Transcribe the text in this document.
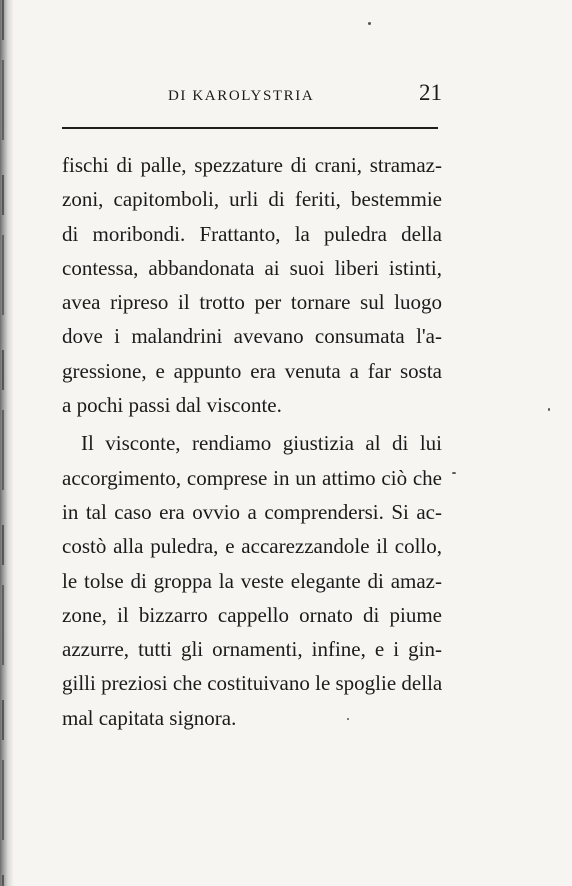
DI KAROLYSTRIA	21
fischi di palle, spezzature di crani, stramaz-
zoni, capitomboli, urli di feriti, bestemmie
di moribondi. Frattanto, la puledra della
contessa, abbandonata ai suoi liberi istinti,
avea ripreso il trotto per tornare sul luogo
dove i malandrini avevano consumata l'a-
gressione, e appunto era venuta a far sosta
a pochi passi dal visconte.
Il visconte, rendiamo giustizia al di lui
accorgimento, comprese in un attimo ciò che
in tal caso era ovvio a comprendersi. Si ac-
costò alla puledra, e accarezzandole il collo,
le tolse di groppa la veste elegante di amaz-
zone, il bizzarro cappello ornato di piume
azzurre, tutti gli ornamenti, infine, e i gin-
gilli preziosi che costituivano le spoglie della
mal capitata signora.
